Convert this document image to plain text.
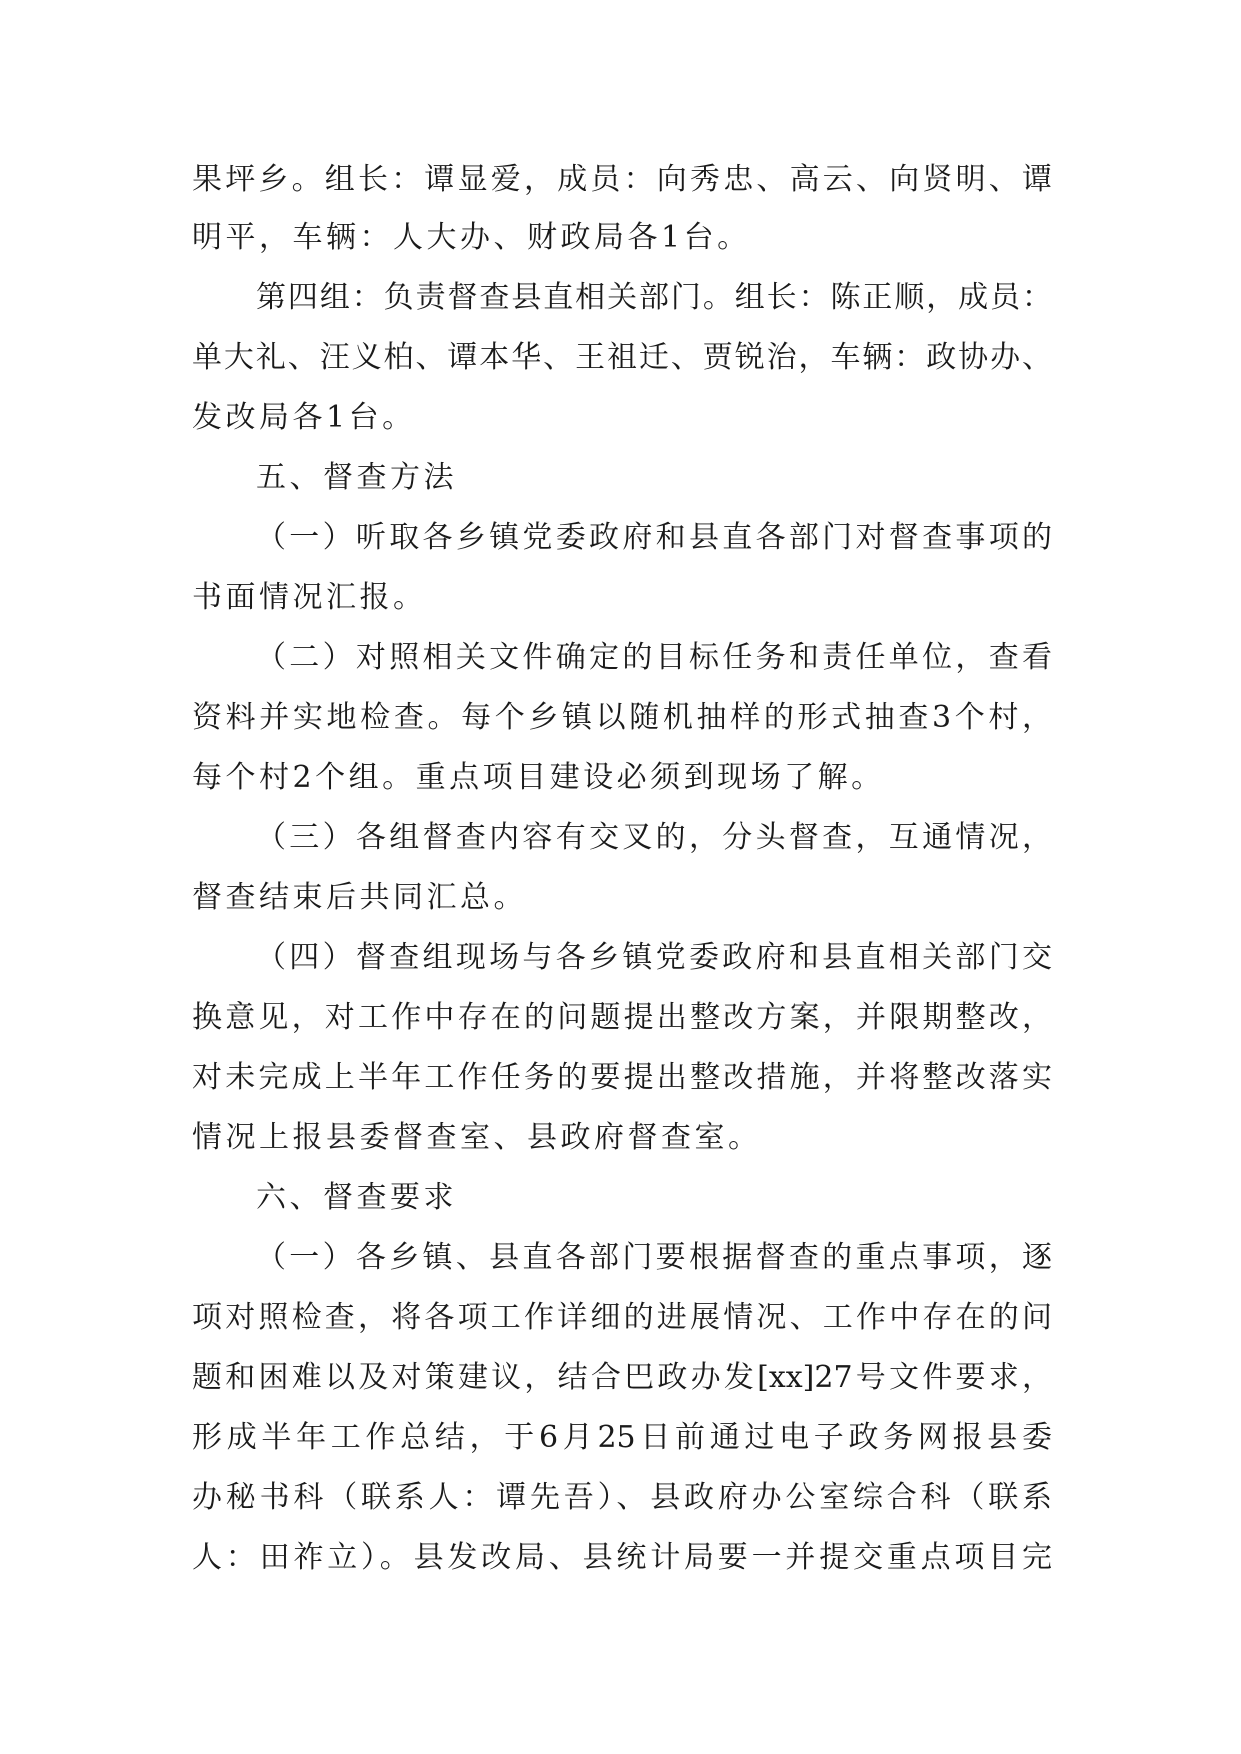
果坪乡。组长：谭显爱，成员：向秀忠、高云、向贤明、谭
明平，车辆：人大办、财政局各1台。
第四组：负责督查县直相关部门。组长：陈正顺，成员：
单大礼、汪义柏、谭本华、王祖迁、贾锐治，车辆：政协办、
发改局各1台。
五、督查方法
（一）听取各乡镇党委政府和县直各部门对督查事项的
书面情况汇报。
（二）对照相关文件确定的目标任务和责任单位，查看
资料并实地检查。每个乡镇以随机抽样的形式抽查3个村，
每个村2个组。重点项目建设必须到现场了解。
（三）各组督查内容有交叉的，分头督查，互通情况，
督查结束后共同汇总。
（四）督查组现场与各乡镇党委政府和县直相关部门交
换意见，对工作中存在的问题提出整改方案，并限期整改，
对未完成上半年工作任务的要提出整改措施，并将整改落实
情况上报县委督查室、县政府督查室。
六、督查要求
（一）各乡镇、县直各部门要根据督查的重点事项，逐
项对照检查，将各项工作详细的进展情况、工作中存在的问
题和困难以及对策建议，结合巴政办发[xx]27号文件要求，
形成半年工作总结，于6月25日前通过电子政务网报县委
办秘书科（联系人：谭先吾）、县政府办公室综合科（联系
人：田祚立）。县发改局、县统计局要一并提交重点项目完
